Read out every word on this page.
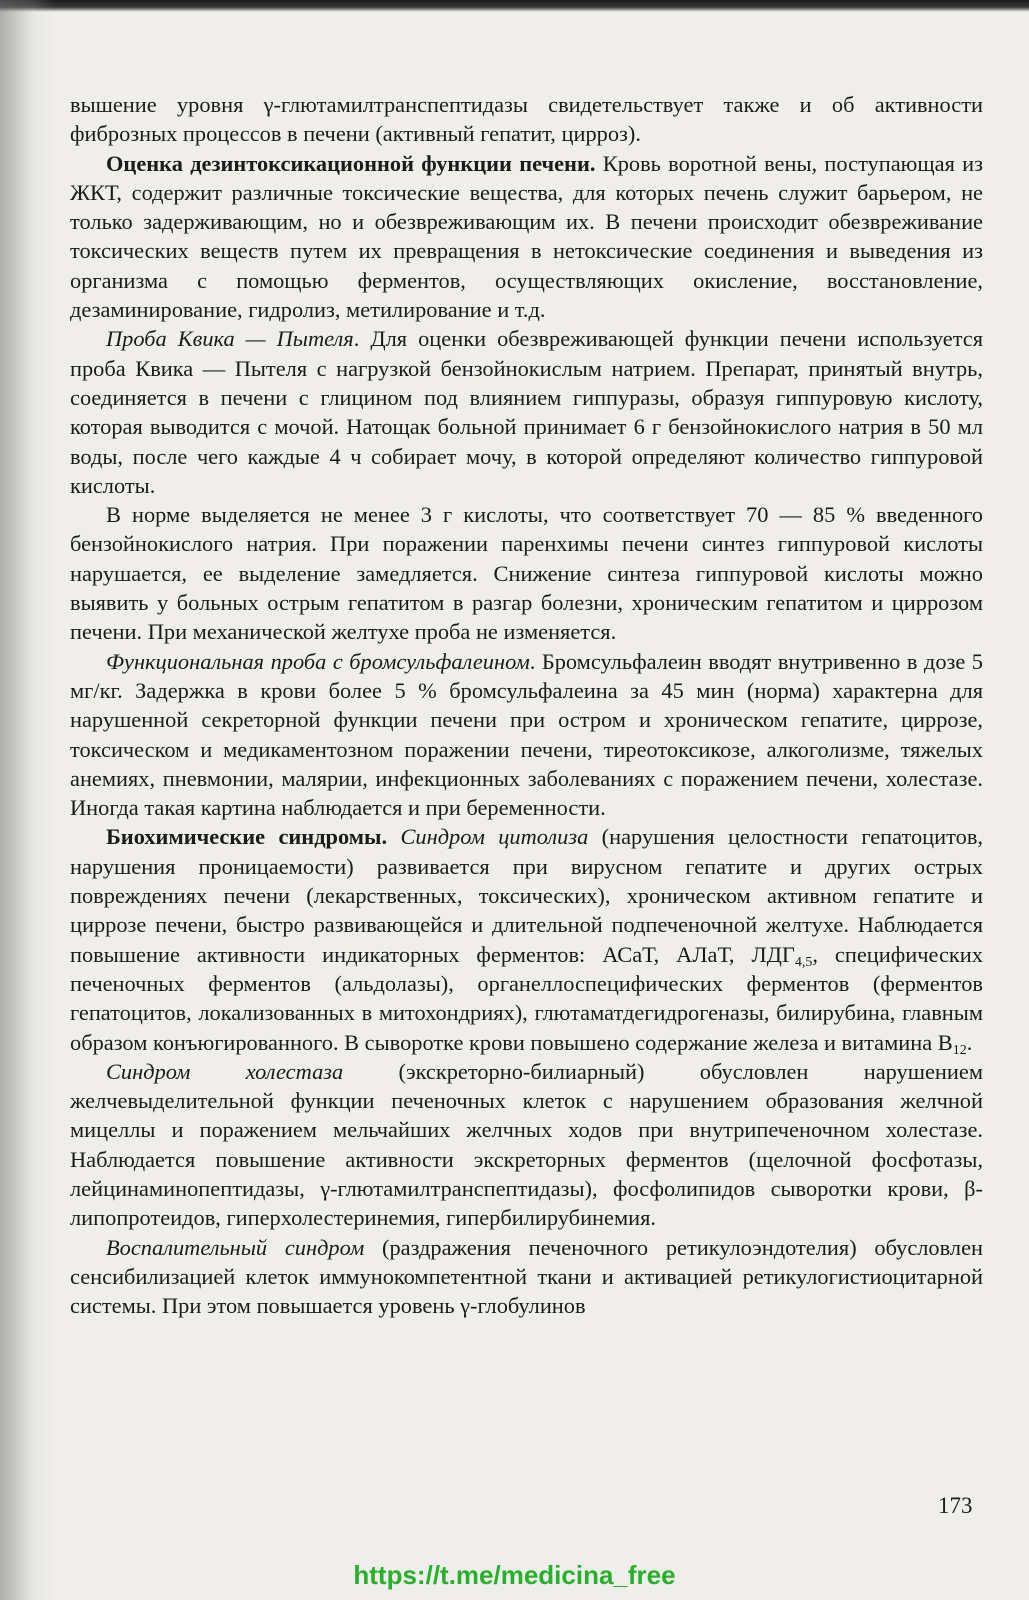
вышение уровня γ-глютамилтранспептидазы свидетельствует также и об активности фиброзных процессов в печени (активный гепатит, цирроз).

Оценка дезинтоксикационной функции печени. Кровь воротной вены, поступающая из ЖКТ, содержит различные токсические вещества, для которых печень служит барьером, не только задерживающим, но и обезвреживающим их. В печени происходит обезвреживание токсических веществ путем их превращения в нетоксические соединения и выведения из организма с помощью ферментов, осуществляющих окисление, восстановление, дезаминирование, гидролиз, метилирование и т.д.

Проба Квика — Пытеля. Для оценки обезвреживающей функции печени используется проба Квика — Пытеля с нагрузкой бензойнокислым натрием. Препарат, принятый внутрь, соединяется в печени с глицином под влиянием гиппуразы, образуя гиппуровую кислоту, которая выводится с мочой. Натощак больной принимает 6 г бензойнокислого натрия в 50 мл воды, после чего каждые 4 ч собирает мочу, в которой определяют количество гиппуровой кислоты.

В норме выделяется не менее 3 г кислоты, что соответствует 70 — 85 % введенного бензойнокислого натрия. При поражении паренхимы печени синтез гиппуровой кислоты нарушается, ее выделение замедляется. Снижение синтеза гиппуровой кислоты можно выявить у больных острым гепатитом в разгар болезни, хроническим гепатитом и циррозом печени. При механической желтухе проба не изменяется.

Функциональная проба с бромсульфалеином. Бромсульфалеин вводят внутривенно в дозе 5 мг/кг. Задержка в крови более 5 % бромсульфалеина за 45 мин (норма) характерна для нарушенной секреторной функции печени при остром и хроническом гепатите, циррозе, токсическом и медикаментозном поражении печени, тиреотоксикозе, алкоголизме, тяжелых анемиях, пневмонии, малярии, инфекционных заболеваниях с поражением печени, холестазе. Иногда такая картина наблюдается и при беременности.

Биохимические синдромы. Синдром цитолиза (нарушения целостности гепатоцитов, нарушения проницаемости) развивается при вирусном гепатите и других острых повреждениях печени (лекарственных, токсических), хроническом активном гепатите и циррозе печени, быстро развивающейся и длительной подпеченочной желтухе. Наблюдается повышение активности индикаторных ферментов: АСаТ, АЛаТ, $ЛДГ_{4,5}$, специфических печеночных ферментов (альдолазы), органеллоспецифических ферментов (ферментов гепатоцитов, локализованных в митохондриях), глютаматдегидрогеназы, билирубина, главным образом конъюгированного. В сыворотке крови повышено содержание железа и витамина $В_{12}$.

Синдром холестаза (экскреторно-билиарный) обусловлен нарушением желчевыделительной функции печеночных клеток с нарушением образования желчной мицеллы и поражением мельчайших желчных ходов при внутрипеченочном холестазе. Наблюдается повышение активности экскреторных ферментов (щелочной фосфотазы, лейцинаминопептидазы, γ-глютамилтранспептидазы), фосфолипидов сыворотки крови, β-липопротеидов, гиперхолестеринемия, гипербилирубинемия.

Воспалительный синдром (раздражения печеночного ретикулоэндотелия) обусловлен сенсибилизацией клеток иммунокомпетентной ткани и активацией ретикулогистиоцитарной системы. При этом повышается уровень γ-глобулинов

173
https://t.me/medicina_free
